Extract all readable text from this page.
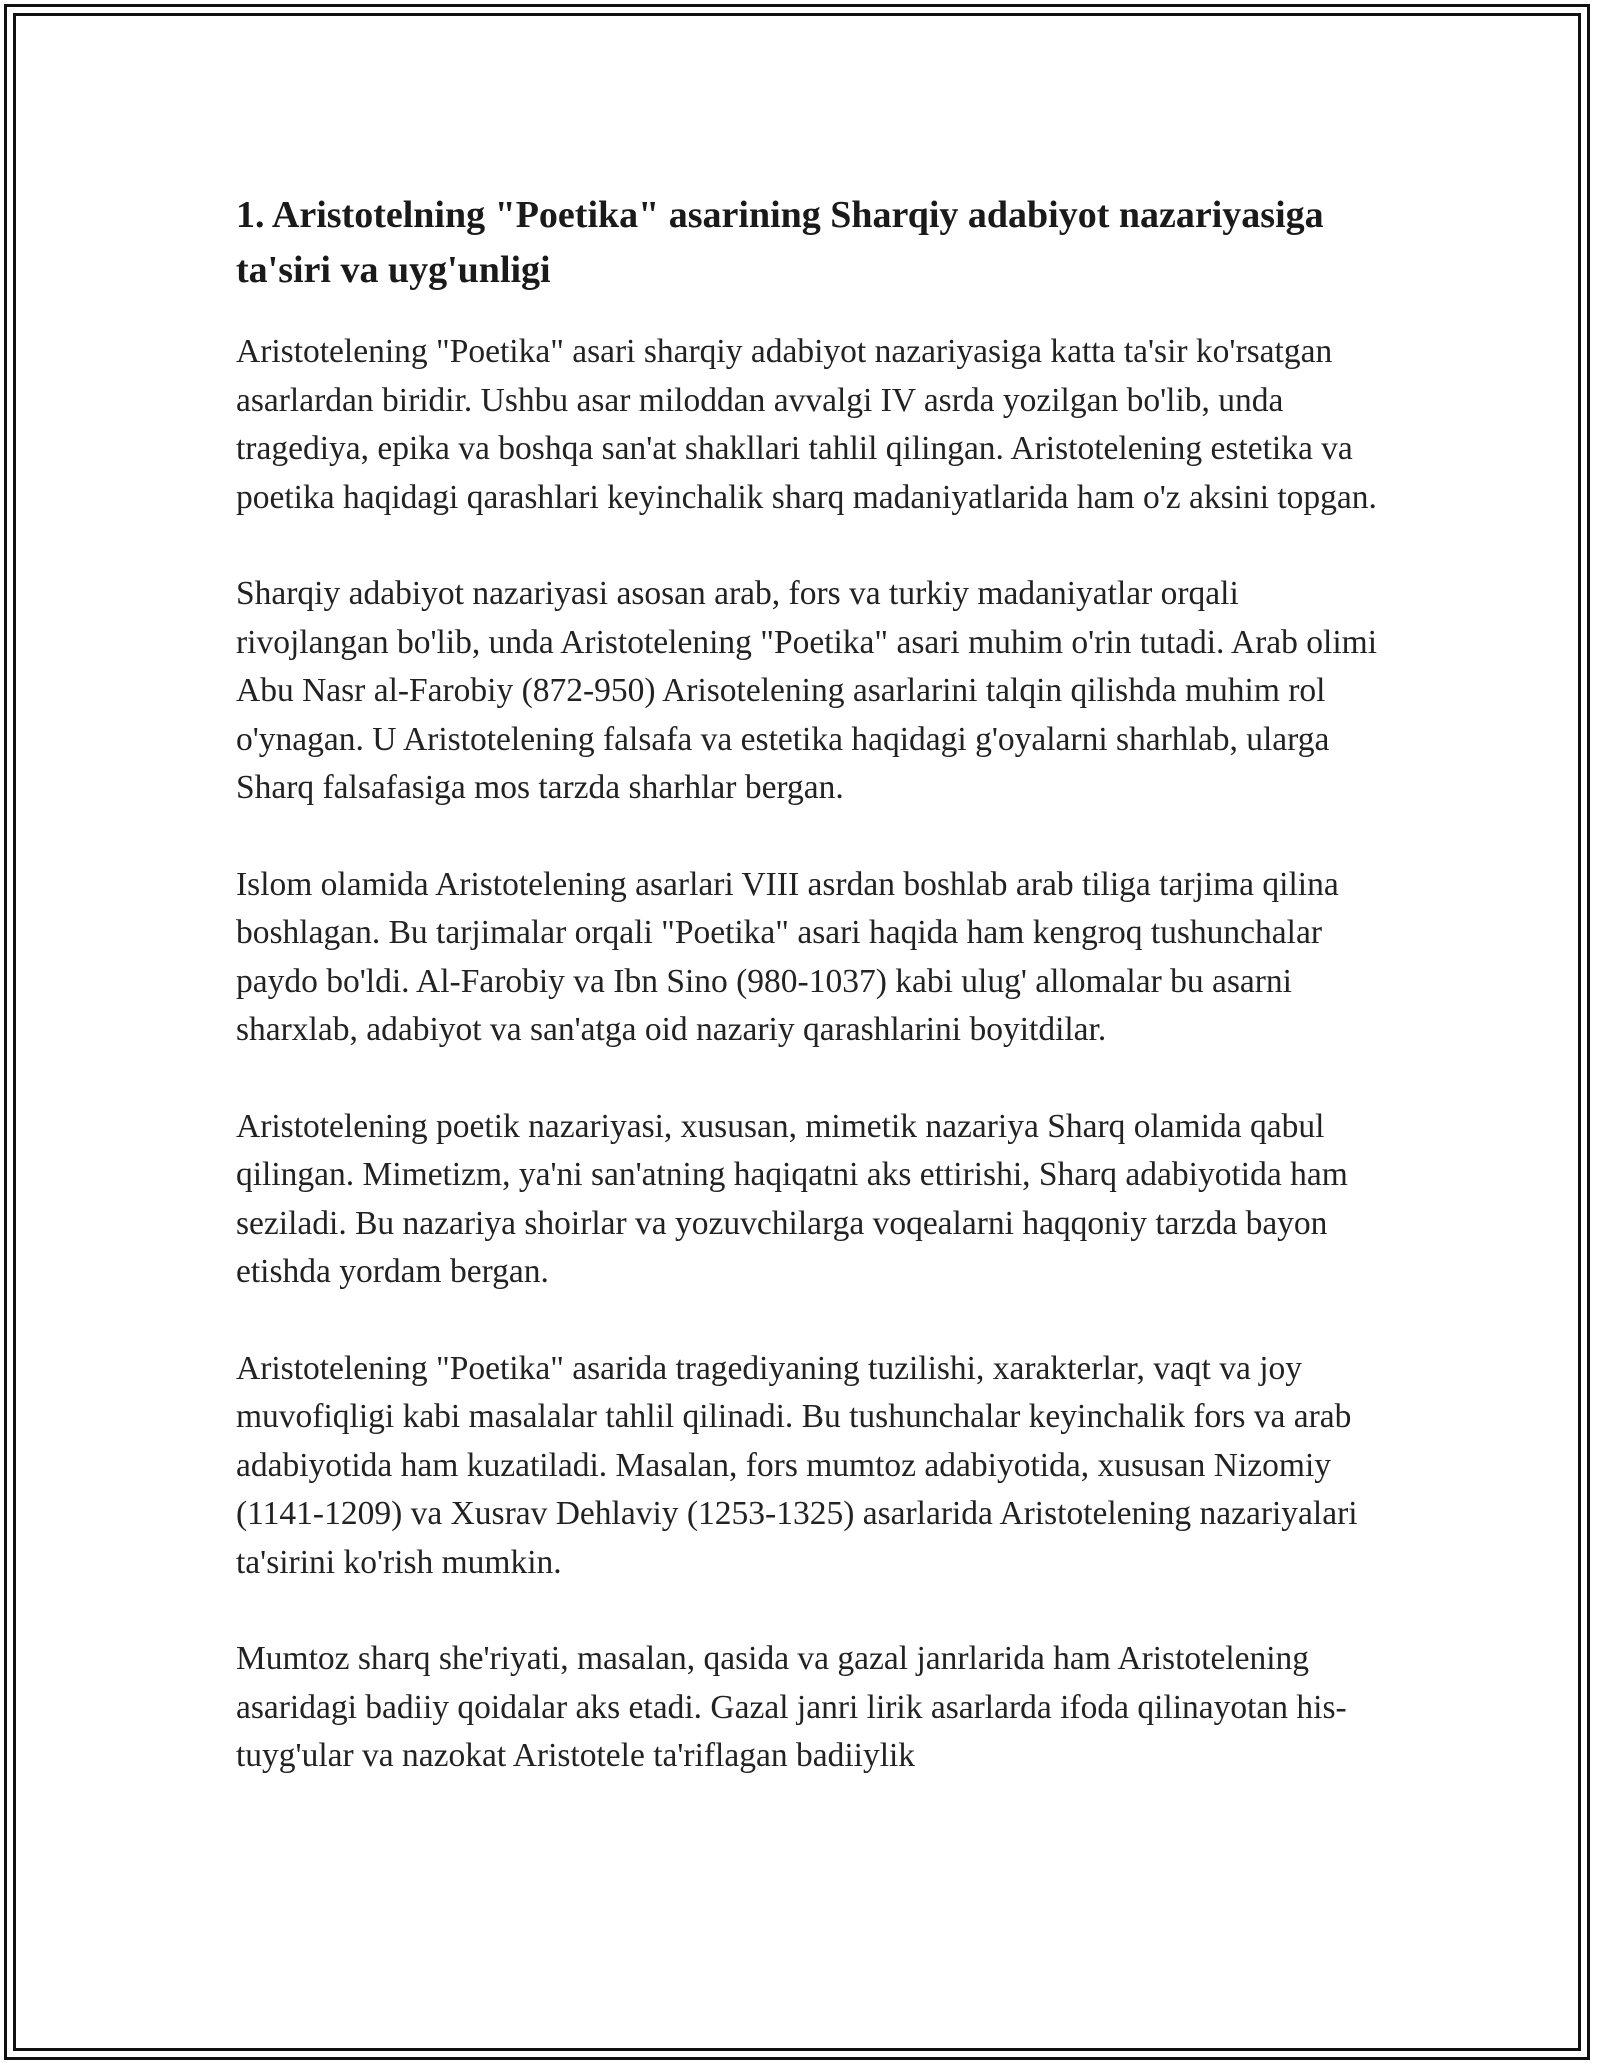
1. Aristotelning "Poetika" asarining Sharqiy adabiyot nazariyasiga ta'siri va uyg'unligi

Aristotelening "Poetika" asari sharqiy adabiyot nazariyasiga katta ta'sir ko'rsatgan asarlardan biridir. Ushbu asar miloddan avvalgi IV asrda yozilgan bo'lib, unda tragediya, epika va boshqa san'at shakllari tahlil qilingan. Aristotelening estetika va poetika haqidagi qarashlari keyinchalik sharq madaniyatlarida ham o'z aksini topgan.

Sharqiy adabiyot nazariyasi asosan arab, fors va turkiy madaniyatlar orqali rivojlangan bo'lib, unda Aristotelening "Poetika" asari muhim o'rin tutadi. Arab olimi Abu Nasr al-Farobiy (872-950) Arisotelening asarlarini talqin qilishda muhim rol o'ynagan. U Aristotelening falsafa va estetika haqidagi g'oyalarni sharhlab, ularga Sharq falsafasiga mos tarzda sharhlar bergan.

Islom olamida Aristotelening asarlari VIII asrdan boshlab arab tiliga tarjima qilina boshlagan. Bu tarjimalar orqali "Poetika" asari haqida ham kengroq tushunchalar paydo bo'ldi. Al-Farobiy va Ibn Sino (980-1037) kabi ulug' allomalar bu asarni sharxlab, adabiyot va san'atga oid nazariy qarashlarini boyitdilar.

Aristotelening poetik nazariyasi, xususan, mimetik nazariya Sharq olamida qabul qilingan. Mimetizm, ya'ni san'atning haqiqatni aks ettirishi, Sharq adabiyotida ham seziladi. Bu nazariya shoirlar va yozuvchilarga voqealarni haqqoniy tarzda bayon etishda yordam bergan.

Aristotelening "Poetika" asarida tragediyaning tuzilishi, xarakterlar, vaqt va joy muvofiqligi kabi masalalar tahlil qilinadi. Bu tushunchalar keyinchalik fors va arab adabiyotida ham kuzatiladi. Masalan, fors mumtoz adabiyotida, xususan Nizomiy (1141-1209) va Xusrav Dehlaviy (1253-1325) asarlarida Aristotelening nazariyalari ta'sirini ko'rish mumkin.

Mumtoz sharq she'riyati, masalan, qasida va gazal janrlarida ham Aristotelening asaridagi badiiy qoidalar aks etadi. Gazal janri lirik asarlarda ifoda qilinayotan his-tuyg'ular va nazokat Aristotele ta'riflagan badiiylik
